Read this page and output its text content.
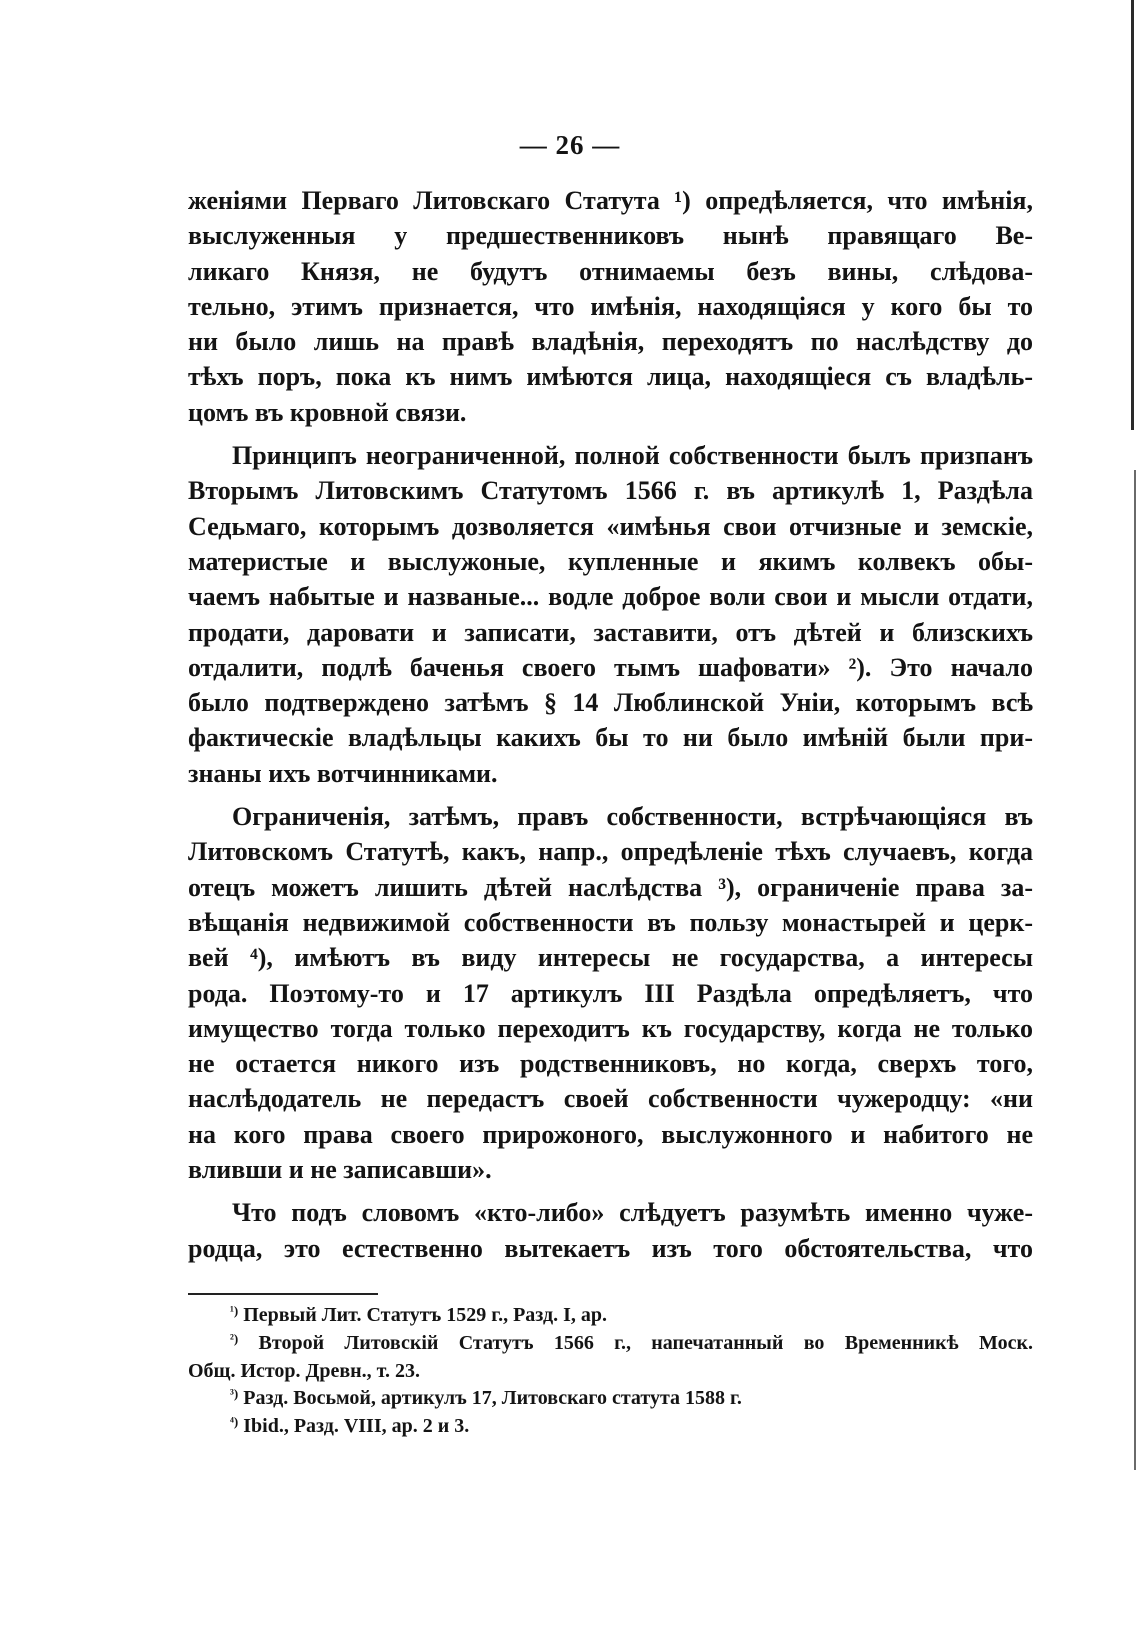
— 26 —
женіями Перваго Литовскаго Статута ¹) опредѣляется, что имѣнія,
выслуженныя у предшественниковъ нынѣ правящаго Ве-
ликаго Князя, не будутъ отнимаемы безъ вины, слѣдова-
тельно, этимъ признается, что имѣнія, находящіяся у кого бы то
ни было лишь на правѣ владѣнія, переходятъ по наслѣдству до
тѣхъ поръ, пока къ нимъ имѣются лица, находящіеся съ владѣль-
цомъ въ кровной связи.
Принципъ неограниченной, полной собственности былъ призпанъ
Вторымъ Литовскимъ Статутомъ 1566 г. въ артикулѣ 1, Раздѣла
Седьмаго, которымъ дозволяется «имѣнья свои отчизные и земскіе,
материстые и выслужоные, купленные и якимъ колвекъ обы-
чаемъ набытые и названые... водле доброе воли свои и мысли отдати,
продати, даровати и записати, заставити, отъ дѣтей и близскихъ
отдалити, подлѣ баченья своего тымъ шафовати» ²). Это начало
было подтверждено затѣмъ § 14 Люблинской Уніи, которымъ всѣ
фактическіе владѣльцы какихъ бы то ни было имѣній были при-
знаны ихъ вотчинниками.
Ограниченія, затѣмъ, правъ собственности, встрѣчающіяся въ
Литовскомъ Статутѣ, какъ, напр., опредѣленіе тѣхъ случаевъ, когда
отецъ можетъ лишить дѣтей наслѣдства ³), ограниченіе права за-
вѣщанія недвижимой собственности въ пользу монастырей и церк-
вей ⁴), имѣютъ въ виду интересы не государства, а интересы
рода. Поэтому-то и 17 артикулъ III Раздѣла опредѣляетъ, что
имущество тогда только переходитъ къ государству, когда не только
не остается никого изъ родственниковъ, но когда, сверхъ того,
наслѣдодатель не передастъ своей собственности чужеродцу: «ни
на кого права своего прирожоного, выслужонного и набитого не
вливши и не записавши».
Что подъ словомъ «кто-либо» слѣдуетъ разумѣть именно чуже-
родца, это естественно вытекаетъ изъ того обстоятельства, что
$^{^1)}$ Первый Лит. Статутъ 1529 г., Разд. I, ар.
$^{^2)}$ Второй Литовскій Статутъ 1566 г., напечатанный во Временникѣ Моск.
Общ. Истор. Древн., т. 23.
$^{^3)}$ Разд. Восьмой, артикулъ 17, Литовскаго статута 1588 г.
$^{^4)}$ Ibid., Разд. VIII, ар. 2 и 3.
